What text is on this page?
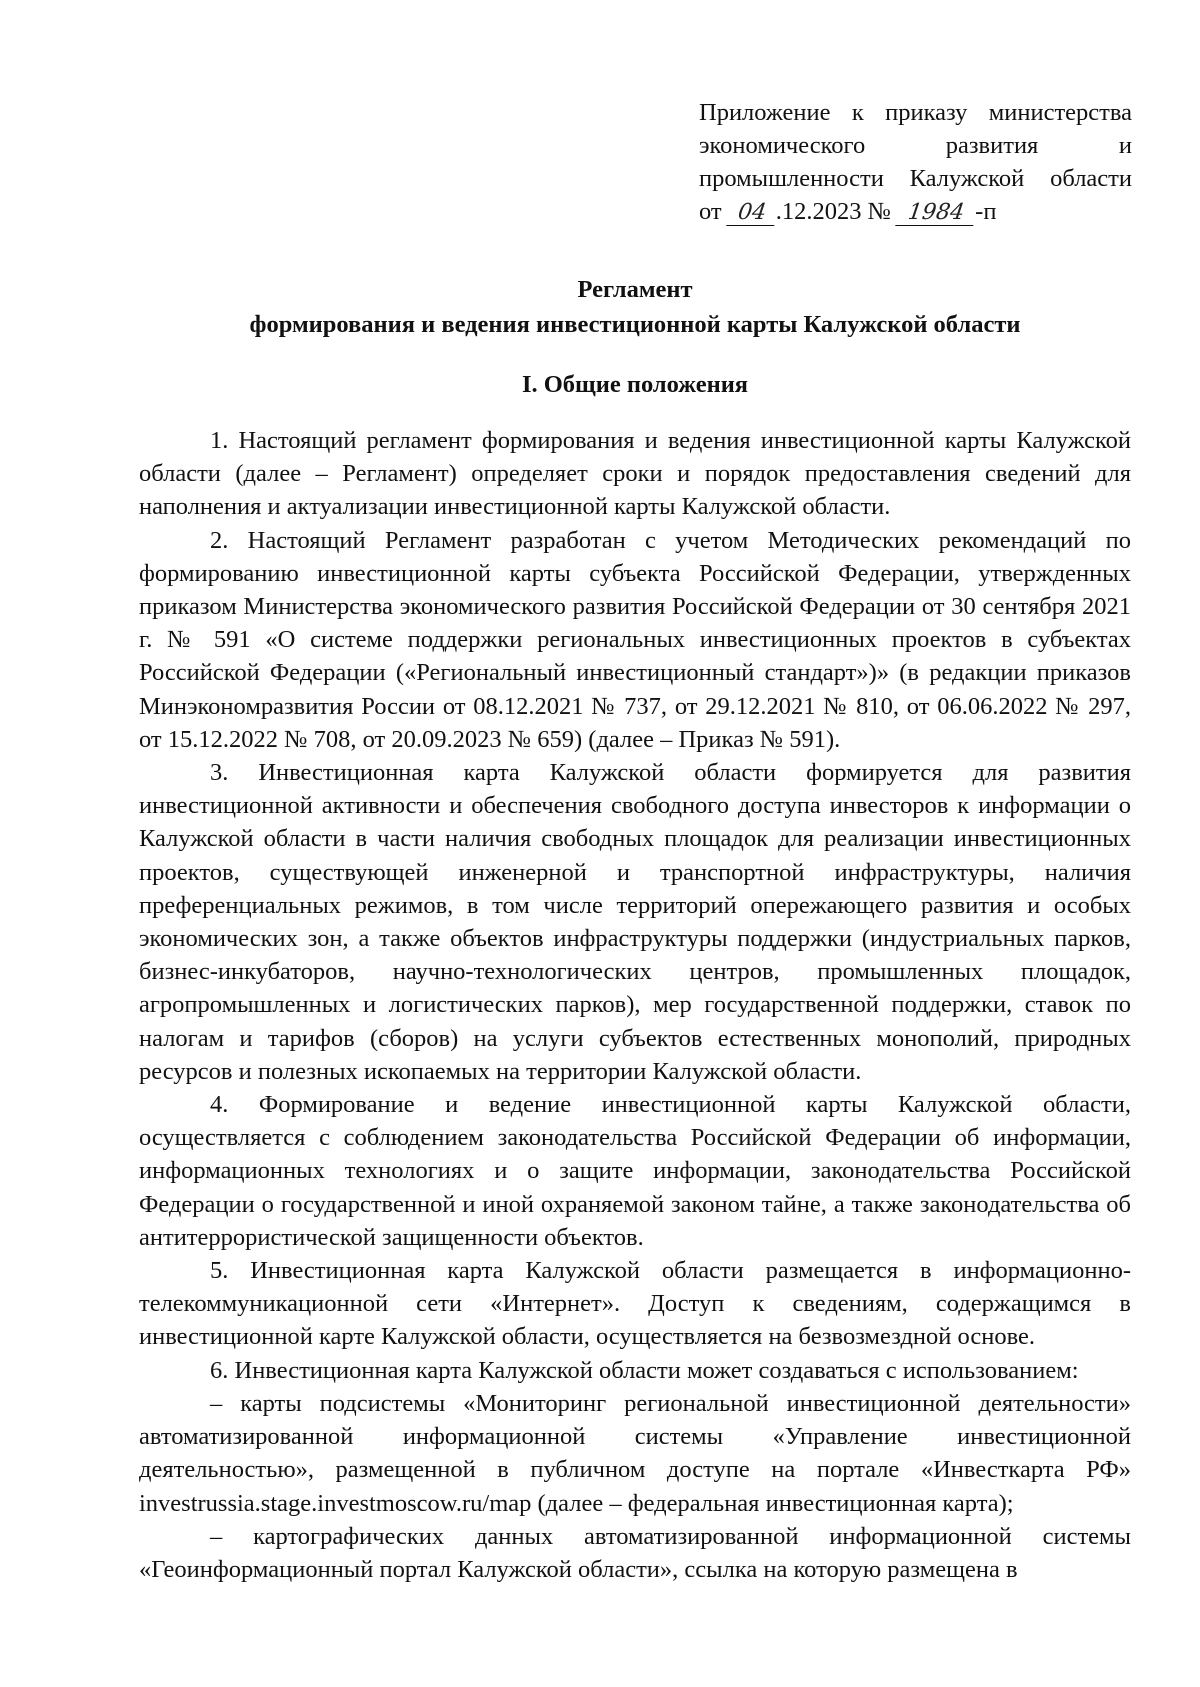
Приложение к приказу министерства
экономического развития и
промышленности Калужской области
от 04 .12.2023 № 1984 -п
Регламент
формирования и ведения инвестиционной карты Калужской области
I. Общие положения

1. Настоящий регламент формирования и ведения инвестиционной карты Калужской области (далее – Регламент) определяет сроки и порядок предоставления сведений для наполнения и актуализации инвестиционной карты Калужской области.

2. Настоящий Регламент разработан с учетом Методических рекомендаций по формированию инвестиционной карты субъекта Российской Федерации, утвержденных приказом Министерства экономического развития Российской Федерации от 30 сентября 2021 г. № 591 «О системе поддержки региональных инвестиционных проектов в субъектах Российской Федерации («Региональный инвестиционный стандарт»)» (в редакции приказов Минэкономразвития России от 08.12.2021 № 737, от 29.12.2021 № 810, от 06.06.2022 № 297, от 15.12.2022 № 708, от 20.09.2023 № 659) (далее – Приказ № 591).

3. Инвестиционная карта Калужской области формируется для развития инвестиционной активности и обеспечения свободного доступа инвесторов к информации о Калужской области в части наличия свободных площадок для реализации инвестиционных проектов, существующей инженерной и транспортной инфраструктуры, наличия преференциальных режимов, в том числе территорий опережающего развития и особых экономических зон, а также объектов инфраструктуры поддержки (индустриальных парков, бизнес-инкубаторов, научно-технологических центров, промышленных площадок, агропромышленных и логистических парков), мер государственной поддержки, ставок по налогам и тарифов (сборов) на услуги субъектов естественных монополий, природных ресурсов и полезных ископаемых на территории Калужской области.

4. Формирование и ведение инвестиционной карты Калужской области, осуществляется с соблюдением законодательства Российской Федерации об информации, информационных технологиях и о защите информации, законодательства Российской Федерации о государственной и иной охраняемой законом тайне, а также законодательства об антитеррористической защищенности объектов.

5. Инвестиционная карта Калужской области размещается в информационно-телекоммуникационной сети «Интернет». Доступ к сведениям, содержащимся в инвестиционной карте Калужской области, осуществляется на безвозмездной основе.

6. Инвестиционная карта Калужской области может создаваться с использованием:

– карты подсистемы «Мониторинг региональной инвестиционной деятельности» автоматизированной информационной системы «Управление инвестиционной деятельностью», размещенной в публичном доступе на портале «Инвесткарта РФ» investrussia.stage.investmoscow.ru/map (далее – федеральная инвестиционная карта);

– картографических данных автоматизированной информационной системы «Геоинформационный портал Калужской области», ссылка на которую размещена в
